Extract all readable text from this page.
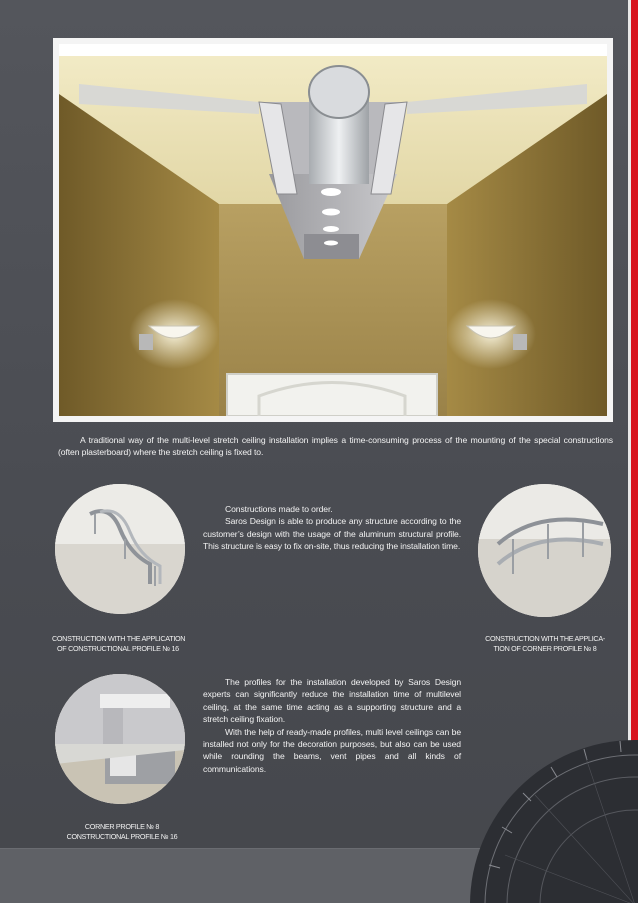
A traditional way of the multi-level stretch ceiling installation implies a time-consuming process of the mounting of the special constructions (often plasterboard) where the stretch ceiling is fixed to.

Constructions made to order.

Saros Design is able to produce any structure according to the customer’s design with the usage of the aluminum structural profile. This structure is easy to fix on-site, thus reducing the installation time.

CONSTRUCTION WITH THE APPLICATION
OF CONSTRUCTIONAL PROFILE № 16
CONSTRUCTION WITH THE APPLICA-
TION OF CORNER PROFILE № 8

The profiles for the installation developed by Saros Design experts can significantly reduce the installation time of multilevel ceiling, at the same time acting as a supporting structure and a stretch ceiling fixation.

With the help of ready-made profiles, multi level ceilings can be installed not only for the decoration purposes, but also can be used while rounding the beams, vent pipes and all kinds of communications.

CORNER PROFILE № 8
CONSTRUCTIONAL PROFILE № 16
